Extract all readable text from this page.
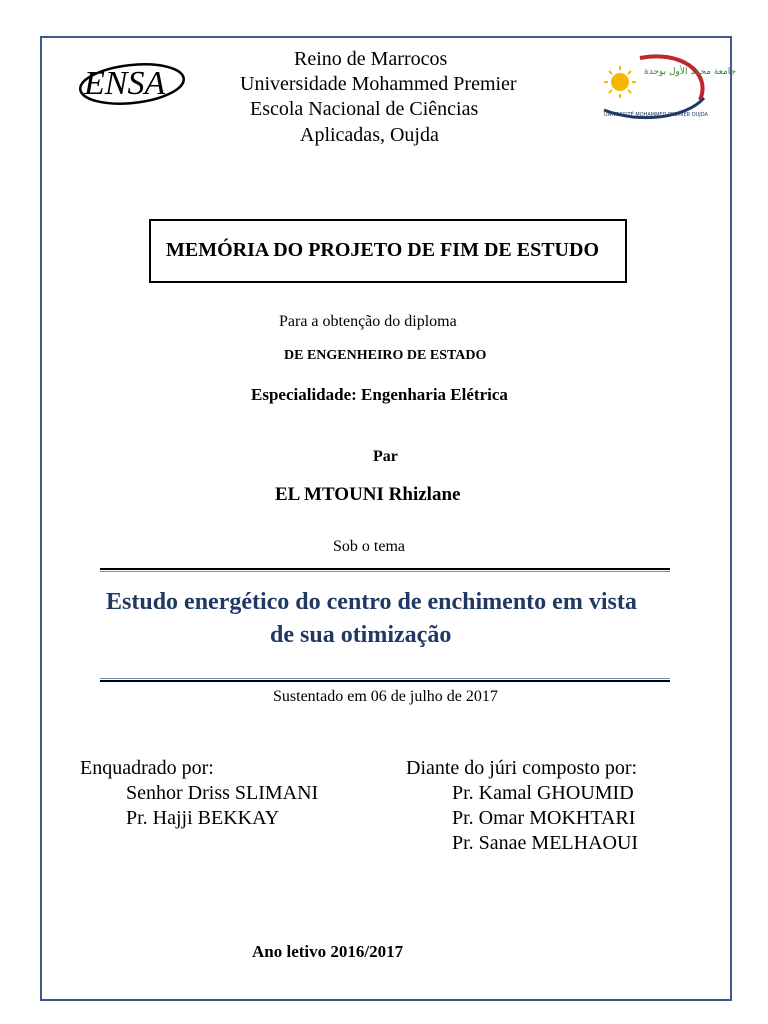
ENSA	جامعة محمد الأول بوجدة
UNIVERSITÉ MOHAMMED PREMIER OUJDA
Reino de Marrocos
Universidade Mohammed Premier
Escola Nacional de Ciências
Aplicadas, Oujda
MEMÓRIA DO PROJETO DE FIM DE ESTUDO
Para a obtenção do diploma
DE ENGENHEIRO DE ESTADO
Especialidade: Engenharia Elétrica
Par
EL MTOUNI Rhizlane
Sob o tema
Estudo energético do centro de enchimento em vista
de sua otimização
Sustentado em 06 de julho de 2017
Enquadrado por:
Senhor Driss SLIMANI
Pr. Hajji BEKKAY
Diante do júri composto por:
Pr. Kamal GHOUMID
Pr. Omar MOKHTARI
Pr. Sanae MELHAOUI
Ano letivo 2016/2017
